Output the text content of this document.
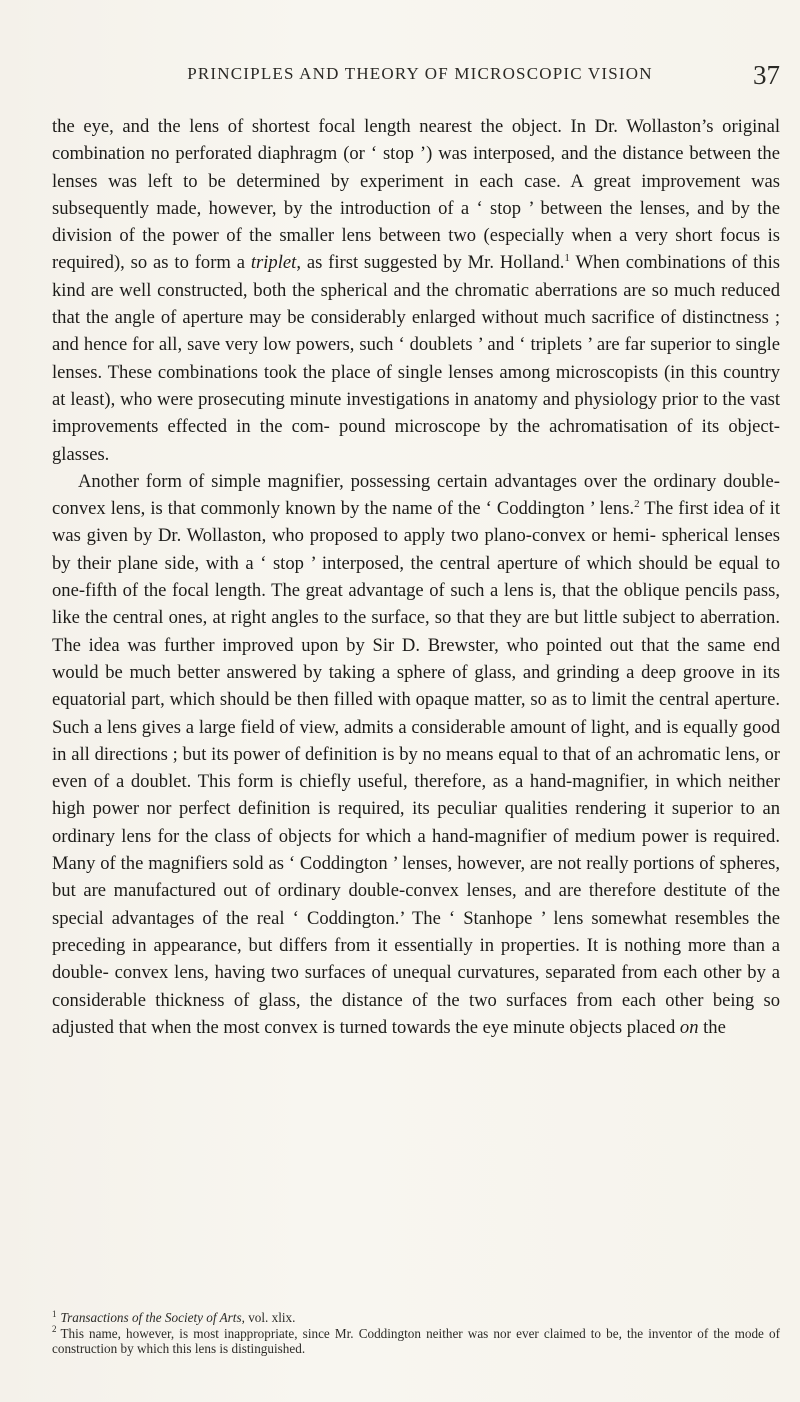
PRINCIPLES AND THEORY OF MICROSCOPIC VISION	37

the eye, and the lens of shortest focal length nearest the object. In Dr. Wollaston’s original combination no perforated diaphragm (or ‘ stop ’) was interposed, and the distance between the lenses was left to be determined by experiment in each case. A great improvement was subsequently made, however, by the introduction of a ‘ stop ’ between the lenses, and by the division of the power of the smaller lens between two (especially when a very short focus is required), so as to form a triplet, as first suggested by Mr. Holland.$^1$ When combinations of this kind are well constructed, both the spherical and the chromatic aberrations are so much reduced that the angle of aperture may be considerably enlarged without much sacrifice of distinctness ; and hence for all, save very low powers, such ‘ doublets ’ and ‘ triplets ’ are far superior to single lenses. These combinations took the place of single lenses among microscopists (in this country at least), who were prosecuting minute investigations in anatomy and physiology prior to the vast improvements effected in the com- pound microscope by the achromatisation of its object-glasses.

Another form of simple magnifier, possessing certain advantages over the ordinary double-convex lens, is that commonly known by the name of the ‘ Coddington ’ lens.$^2$ The first idea of it was given by Dr. Wollaston, who proposed to apply two plano-convex or hemi- spherical lenses by their plane side, with a ‘ stop ’ interposed, the central aperture of which should be equal to one-fifth of the focal length. The great advantage of such a lens is, that the oblique pencils pass, like the central ones, at right angles to the surface, so that they are but little subject to aberration. The idea was further improved upon by Sir D. Brewster, who pointed out that the same end would be much better answered by taking a sphere of glass, and grinding a deep groove in its equatorial part, which should be then filled with opaque matter, so as to limit the central aperture. Such a lens gives a large field of view, admits a considerable amount of light, and is equally good in all directions ; but its power of definition is by no means equal to that of an achromatic lens, or even of a doublet. This form is chiefly useful, therefore, as a hand-magnifier, in which neither high power nor perfect definition is required, its peculiar qualities rendering it superior to an ordinary lens for the class of objects for which a hand-magnifier of medium power is required. Many of the magnifiers sold as ‘ Coddington ’ lenses, however, are not really portions of spheres, but are manufactured out of ordinary double-convex lenses, and are therefore destitute of the special advantages of the real ‘ Coddington.’ The ‘ Stanhope ’ lens somewhat resembles the preceding in appearance, but differs from it essentially in properties. It is nothing more than a double- convex lens, having two surfaces of unequal curvatures, separated from each other by a considerable thickness of glass, the distance of the two surfaces from each other being so adjusted that when the most convex is turned towards the eye minute objects placed on the

$^1$ Transactions of the Society of Arts, vol. xlix.

$^2$ This name, however, is most inappropriate, since Mr. Coddington neither was nor ever claimed to be, the inventor of the mode of construction by which this lens is distinguished.
